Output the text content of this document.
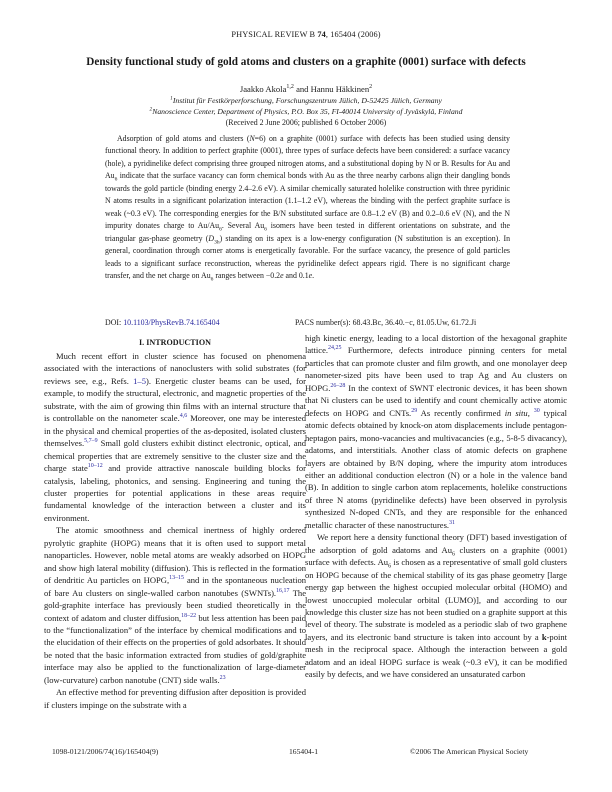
PHYSICAL REVIEW B 74, 165404 (2006)
Density functional study of gold atoms and clusters on a graphite (0001) surface with defects
Jaakko Akola$^{1,2}$ and Hannu Häkkinen$^2$
$^1$Institut für Festkörperforschung, Forschungszentrum Jülich, D-52425 Jülich, Germany
$^2$Nanoscience Center, Department of Physics, P.O. Box 35, FI-40014 University of Jyväskylä, Finland
(Received 2 June 2006; published 6 October 2006)

Adsorption of gold atoms and clusters (N=6) on a graphite (0001) surface with defects has been studied using density functional theory. In addition to perfect graphite (0001), three types of surface defects have been considered: a surface vacancy (hole), a pyridinelike defect comprising three grouped nitrogen atoms, and a substitutional doping by N or B. Results for Au and $Au_6$ indicate that the surface vacancy can form chemical bonds with Au as the three nearby carbons align their dangling bonds towards the gold particle (binding energy 2.4–2.6 eV). A similar chemically saturated holelike construction with three pyridinic N atoms results in a significant polarization interaction (1.1–1.2 eV), whereas the binding with the perfect graphite surface is weak (~0.3 eV). The corresponding energies for the B/N substituted surface are 0.8–1.2 eV (B) and 0.2–0.6 eV (N), and the N impurity donates charge to $Au/Au_6$. Several $Au_6$ isomers have been tested in different orientations on substrate, and the triangular gas-phase geometry $(D_{3h})$ standing on its apex is a low-energy configuration (N substitution is an exception). In general, coordination through corner atoms is energetically favorable. For the surface vacancy, the presence of gold particles leads to a significant surface reconstruction, whereas the pyridinelike defect appears rigid. There is no significant charge transfer, and the net charge on $Au_6$ ranges between −0.2e and 0.1e.

DOI: 10.1103/PhysRevB.74.165404	PACS number(s): 68.43.Bc, 36.40.−c, 81.05.Uw, 61.72.Ji
I. INTRODUCTION

Much recent effort in cluster science has focused on phenomena associated with the interactions of nanoclusters with solid substrates (for reviews see, e.g., Refs. 1–5). Energetic cluster beams can be used, for example, to modify the structural, electronic, and magnetic properties of the substrate, with the aim of growing thin films with an internal structure that is controllable on the nanometer scale.$^{4,6}$ Moreover, one may be interested in the physical and chemical properties of the as-deposited, isolated clusters themselves.$^{5,7-9}$ Small gold clusters exhibit distinct electronic, optical, and chemical properties that are extremely sensitive to the cluster size and the charge state$^{10-12}$ and provide attractive nanoscale building blocks for catalysis, labeling, photonics, and sensing. Engineering and tuning the cluster properties for potential applications in these areas require fundamental knowledge of the interaction between a cluster and its environment.

The atomic smoothness and chemical inertness of highly ordered pyrolytic graphite (HOPG) means that it is often used to support metal nanoparticles. However, noble metal atoms are weakly adsorbed on HOPG and show high lateral mobility (diffusion). This is reflected in the formation of dendritic Au particles on HOPG,$^{13-15}$ and in the spontaneous nucleation of bare Au clusters on single-walled carbon nanotubes (SWNTs).$^{16,17}$ The gold-graphite interface has previously been studied theoretically in the context of adatom and cluster diffusion,$^{18-22}$ but less attention has been paid to the “functionalization” of the interface by chemical modifications and to the elucidation of their effects on the properties of gold adsorbates. It should be noted that the basic information extracted from studies of gold/graphite interface may also be applied to the functionalization of large-diameter (low-curvature) carbon nanotube (CNT) side walls.$^{23}$

An effective method for preventing diffusion after deposition is provided if clusters impinge on the substrate with a

high kinetic energy, leading to a local distortion of the hexagonal graphite lattice.$^{24,25}$ Furthermore, defects introduce pinning centers for metal particles that can promote cluster and film growth, and one monolayer deep nanometer-sized pits have been used to trap Ag and Au clusters on HOPG.$^{26-28}$ In the context of SWNT electronic devices, it has been shown that Ni clusters can be used to identify and count chemically active atomic defects on HOPG and CNTs.$^{29}$ As recently confirmed in situ, $^{30}$ typical atomic defects obtained by knock-on atom displacements include pentagon-heptagon pairs, mono-vacancies and multivacancies (e.g., 5-8-5 divacancy), adatoms, and interstitials. Another class of atomic defects on graphene layers are obtained by B/N doping, where the impurity atom introduces either an additional conduction electron (N) or a hole in the valence band (B). In addition to single carbon atom replacements, holelike constructions of three N atoms (pyridinelike defects) have been observed in pyrolysis synthesized N-doped CNTs, and they are responsible for the enhanced metallic character of these nanostructures.$^{31}$

We report here a density functional theory (DFT) based investigation of the adsorption of gold adatoms and $Au_6$ clusters on a graphite (0001) surface with defects. $Au_6$ is chosen as a representative of small gold clusters on HOPG because of the chemical stability of its gas phase geometry [large energy gap between the highest occupied molecular orbital (HOMO) and lowest unoccupied molecular orbital (LUMO)], and according to our knowledge this cluster size has not been studied on a graphite support at this level of theory. The substrate is modeled as a periodic slab of two graphene layers, and its electronic band structure is taken into account by a k-point mesh in the reciprocal space. Although the interaction between a gold adatom and an ideal HOPG surface is weak (~0.3 eV), it can be modified easily by defects, and we have considered an unsaturated carbon

1098-0121/2006/74(16)/165404(9)	165404-1	©2006 The American Physical Society
